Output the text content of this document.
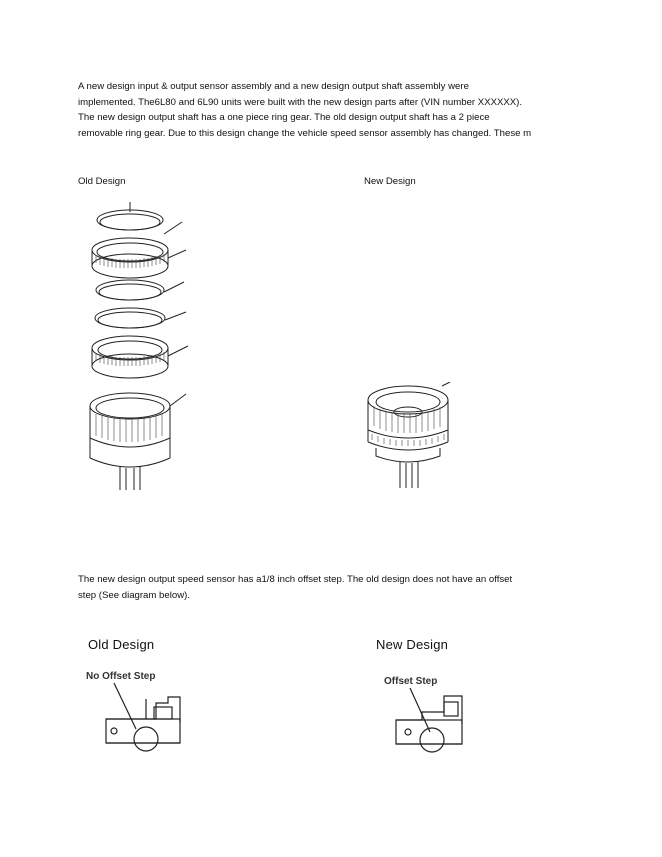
A new design input & output sensor assembly and a new design output shaft assembly were
implemented. The6L80 and 6L90 units were built with the new design parts after (VIN number XXXXXX).
The new design output shaft has a one piece ring gear. The old design output shaft has a 2 piece
removable ring gear. Due to this design change the vehicle speed sensor assembly has changed. These m
Old Design	New Design
The new design output speed sensor has a1/8 inch offset step. The old design does not have an offset
step (See diagram below).
Old Design	New Design
No Offset Step	Offset Step
